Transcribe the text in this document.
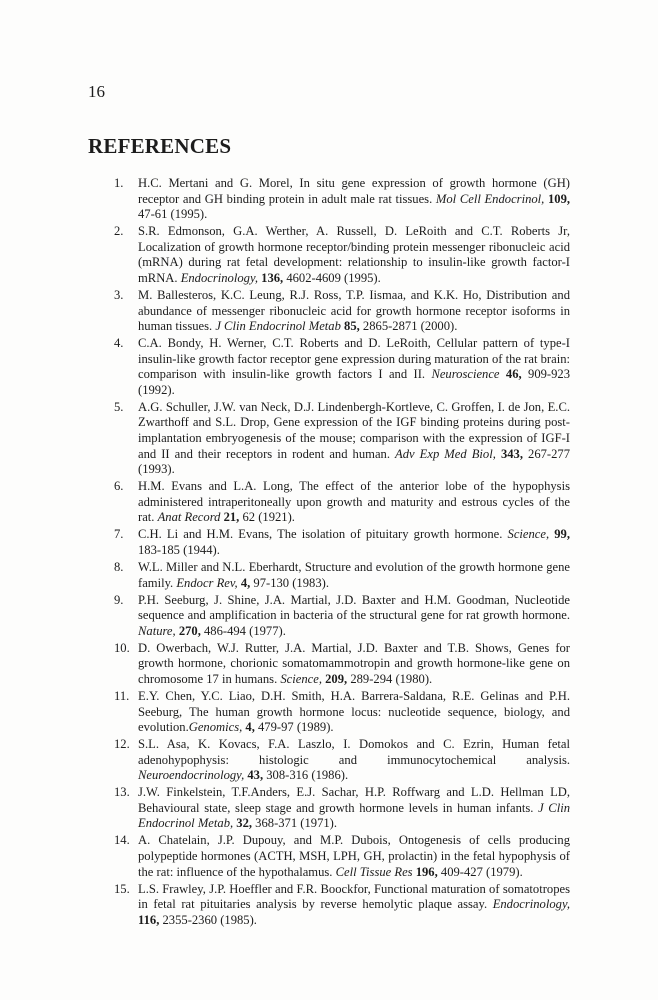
16
REFERENCES
1. H.C. Mertani and G. Morel, In situ gene expression of growth hormone (GH) receptor and GH binding protein in adult male rat tissues. Mol Cell Endocrinol, 109, 47-61 (1995).
2. S.R. Edmonson, G.A. Werther, A. Russell, D. LeRoith and C.T. Roberts Jr, Localization of growth hormone receptor/binding protein messenger ribonucleic acid (mRNA) during rat fetal development: relationship to insulin-like growth factor-I mRNA. Endocrinology, 136, 4602-4609 (1995).
3. M. Ballesteros, K.C. Leung, R.J. Ross, T.P. Iismaa, and K.K. Ho, Distribution and abundance of messenger ribonucleic acid for growth hormone receptor isoforms in human tissues. J Clin Endocrinol Metab 85, 2865-2871 (2000).
4. C.A. Bondy, H. Werner, C.T. Roberts and D. LeRoith, Cellular pattern of type-I insulin-like growth factor receptor gene expression during maturation of the rat brain: comparison with insulin-like growth factors I and II. Neuroscience 46, 909-923 (1992).
5. A.G. Schuller, J.W. van Neck, D.J. Lindenbergh-Kortleve, C. Groffen, I. de Jon, E.C. Zwarthoff and S.L. Drop, Gene expression of the IGF binding proteins during post-implantation embryogenesis of the mouse; comparison with the expression of IGF-I and II and their receptors in rodent and human. Adv Exp Med Biol, 343, 267-277 (1993).
6. H.M. Evans and L.A. Long, The effect of the anterior lobe of the hypophysis administered intraperitoneally upon growth and maturity and estrous cycles of the rat. Anat Record 21, 62 (1921).
7. C.H. Li and H.M. Evans, The isolation of pituitary growth hormone. Science, 99, 183-185 (1944).
8. W.L. Miller and N.L. Eberhardt, Structure and evolution of the growth hormone gene family. Endocr Rev, 4, 97-130 (1983).
9. P.H. Seeburg, J. Shine, J.A. Martial, J.D. Baxter and H.M. Goodman, Nucleotide sequence and amplification in bacteria of the structural gene for rat growth hormone. Nature, 270, 486-494 (1977).
10. D. Owerbach, W.J. Rutter, J.A. Martial, J.D. Baxter and T.B. Shows, Genes for growth hormone, chorionic somatomammotropin and growth hormone-like gene on chromosome 17 in humans. Science, 209, 289-294 (1980).
11. E.Y. Chen, Y.C. Liao, D.H. Smith, H.A. Barrera-Saldana, R.E. Gelinas and P.H. Seeburg, The human growth hormone locus: nucleotide sequence, biology, and evolution.Genomics, 4, 479-97 (1989).
12. S.L. Asa, K. Kovacs, F.A. Laszlo, I. Domokos and C. Ezrin, Human fetal adenohypophysis: histologic and immunocytochemical analysis. Neuroendocrinology, 43, 308-316 (1986).
13. J.W. Finkelstein, T.F.Anders, E.J. Sachar, H.P. Roffwarg and L.D. Hellman LD, Behavioural state, sleep stage and growth hormone levels in human infants. J Clin Endocrinol Metab, 32, 368-371 (1971).
14. A. Chatelain, J.P. Dupouy, and M.P. Dubois, Ontogenesis of cells producing polypeptide hormones (ACTH, MSH, LPH, GH, prolactin) in the fetal hypophysis of the rat: influence of the hypothalamus. Cell Tissue Res 196, 409-427 (1979).
15. L.S. Frawley, J.P. Hoeffler and F.R. Boockfor, Functional maturation of somatotropes in fetal rat pituitaries analysis by reverse hemolytic plaque assay. Endocrinology, 116, 2355-2360 (1985).
